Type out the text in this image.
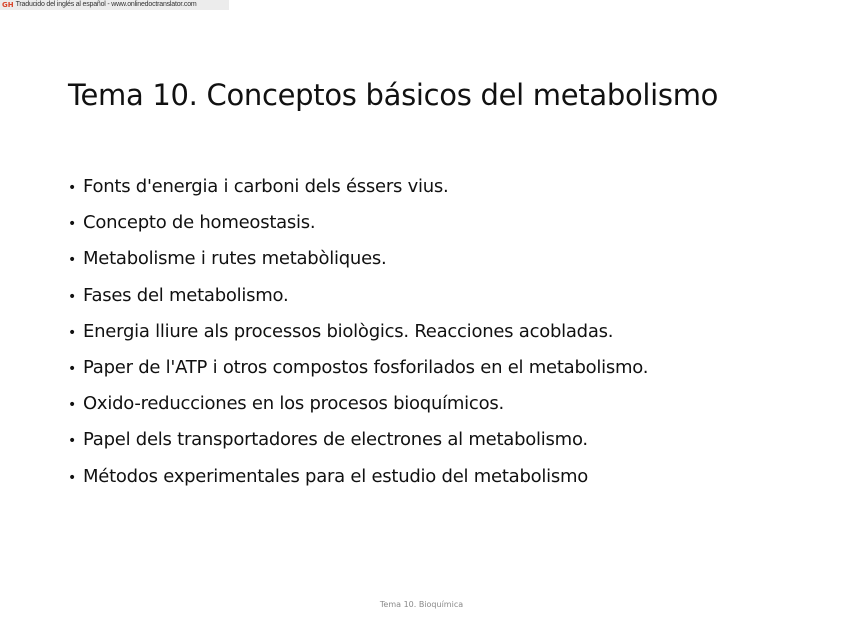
GH Traducido del inglés al español - www.onlinedoctranslator.com
Tema 10. Conceptos básicos del metabolismo
• Fonts d'energia i carboni dels éssers vius.
• Concepto de homeostasis.
• Metabolisme i rutes metabòliques.
• Fases del metabolismo.
• Energia lliure als processos biològics. Reacciones acobladas.
• Paper de l'ATP i otros compostos fosforilados en el metabolismo.
• Oxido-reducciones en los procesos bioquímicos.
• Papel dels transportadores de electrones al metabolismo.
• Métodos experimentales para el estudio del metabolismo
Tema 10. Bioquímica
